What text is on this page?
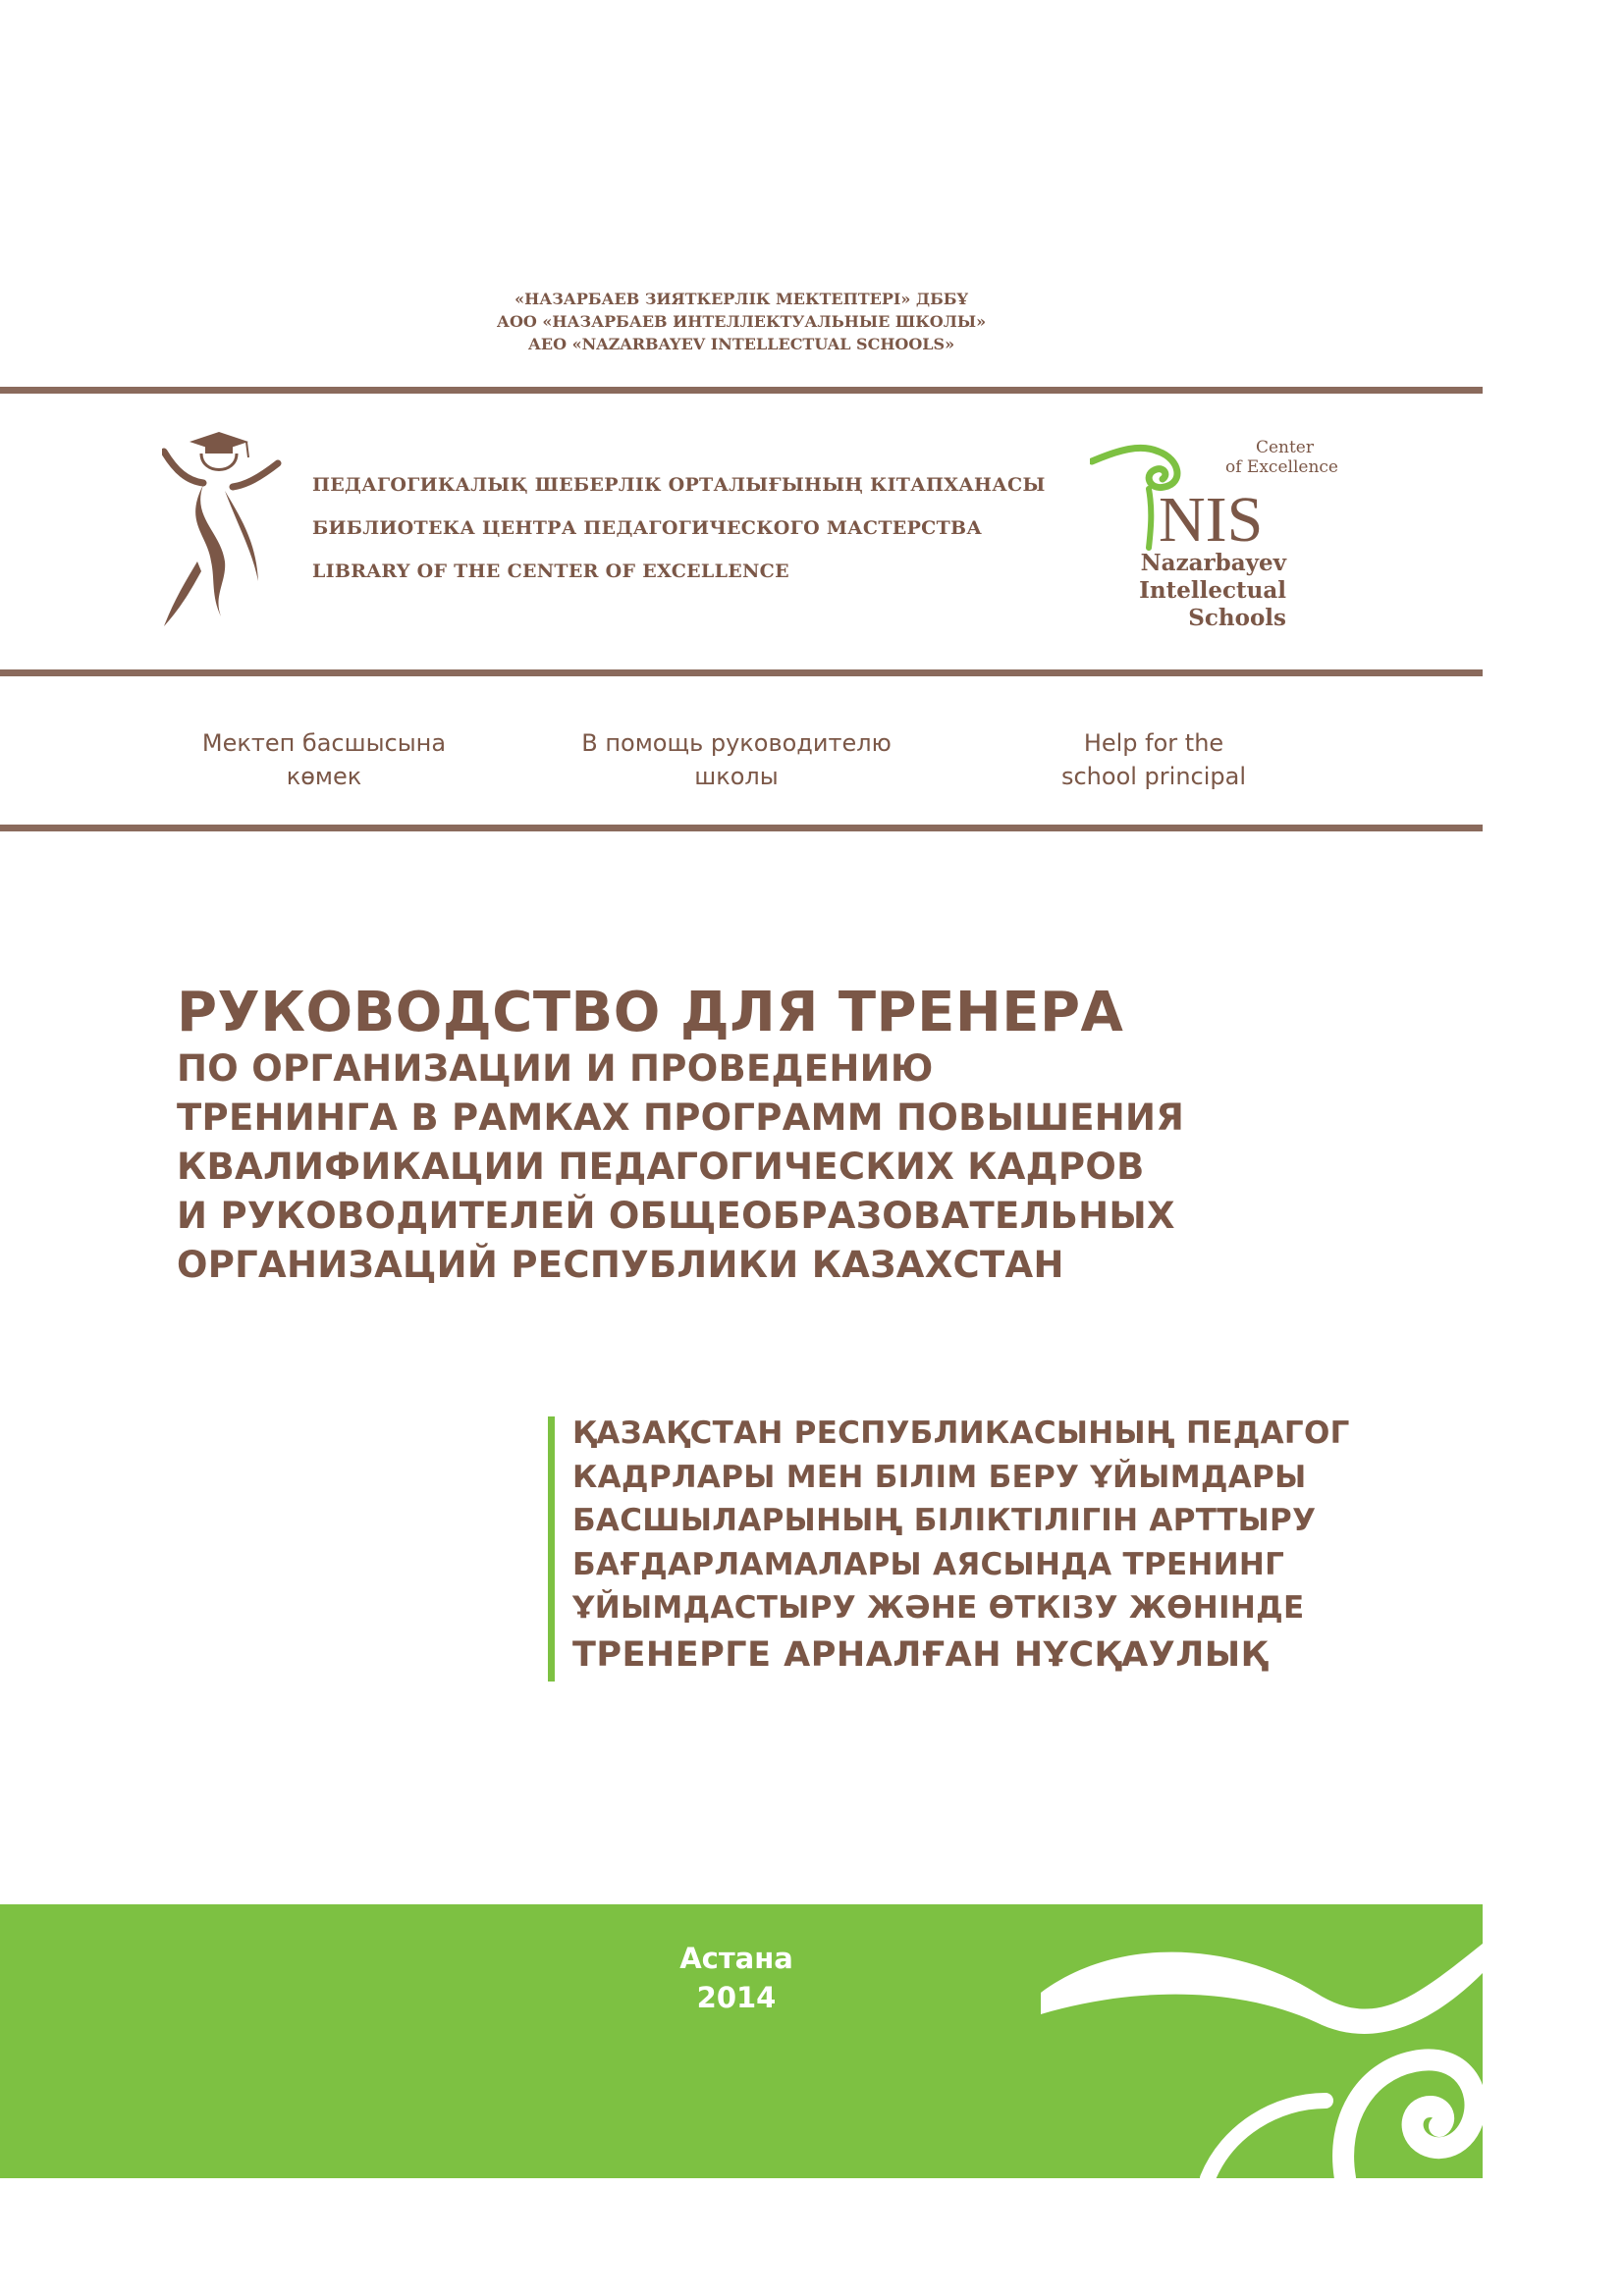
«НАЗАРБАЕВ ЗИЯТКЕРЛІК МЕКТЕПТЕРІ» ДББҰ
АОО «НАЗАРБАЕВ ИНТЕЛЛЕКТУАЛЬНЫЕ ШКОЛЫ»
АЕО «NAZARBAYEV INTELLECTUAL SCHOOLS»
ПЕДАГОГИКАЛЫҚ ШЕБЕРЛІК ОРТАЛЫҒЫНЫҢ КІТАПХАНАСЫ
БИБЛИОТЕКА ЦЕНТРА ПЕДАГОГИЧЕСКОГО МАСТЕРСТВА
LIBRARY OF THE CENTER OF EXCELLENCE
Center
of Excellence
NIS
Nazarbayev
Intellectual
Schools
Мектеп басшысына
көмек
В помощь руководителю
школы
Help for the
school principal
РУКОВОДСТВО ДЛЯ ТРЕНЕРА
ПО ОРГАНИЗАЦИИ И ПРОВЕДЕНИЮ
ТРЕНИНГА В РАМКАХ ПРОГРАММ ПОВЫШЕНИЯ
КВАЛИФИКАЦИИ ПЕДАГОГИЧЕСКИХ КАДРОВ
И РУКОВОДИТЕЛЕЙ ОБЩЕОБРАЗОВАТЕЛЬНЫХ
ОРГАНИЗАЦИЙ РЕСПУБЛИКИ КАЗАХСТАН
ҚАЗАҚСТАН РЕСПУБЛИКАСЫНЫҢ ПЕДАГОГ
КАДРЛАРЫ МЕН БІЛІМ БЕРУ ҰЙЫМДАРЫ
БАСШЫЛАРЫНЫҢ БІЛІКТІЛІГІН АРТТЫРУ
БАҒДАРЛАМАЛАРЫ АЯСЫНДА ТРЕНИНГ
ҰЙЫМДАСТЫРУ ЖӘНЕ ӨТКІЗУ ЖӨНІНДЕ
ТРЕНЕРГЕ АРНАЛҒАН НҰСҚАУЛЫҚ
Астана
2014
